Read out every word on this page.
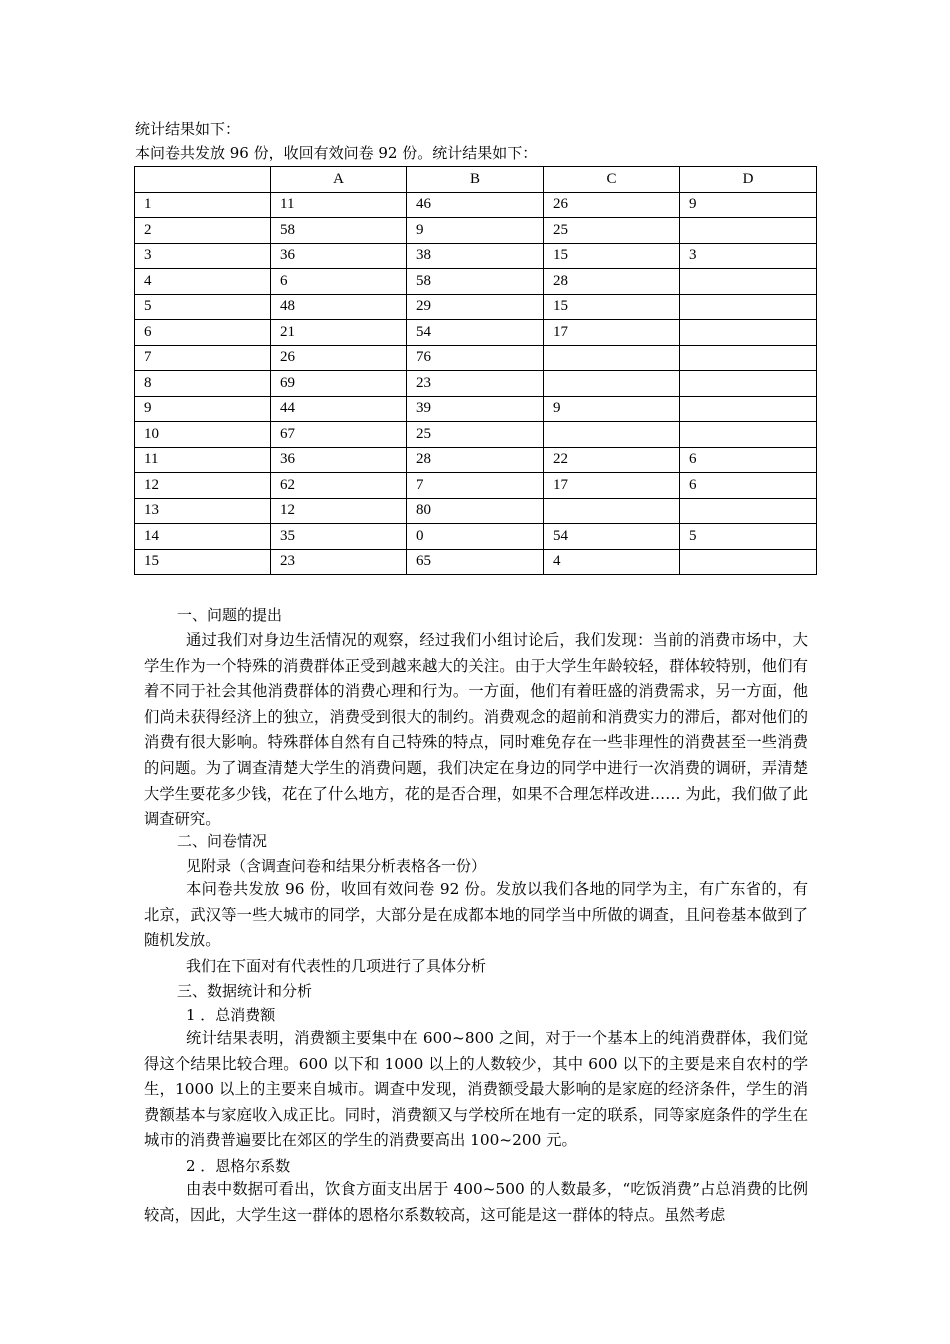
统计结果如下：
本问卷共发放 96 份，收回有效问卷 92 份。统计结果如下：
	A	B	C	D
1	11	46	26	9
2	58	9	25	
3	36	38	15	3
4	6	58	28	
5	48	29	15	
6	21	54	17	
7	26	76		
8	69	23		
9	44	39	9	
10	67	25		
11	36	28	22	6
12	62	7	17	6
13	12	80		
14	35	0	54	5
15	23	65	4	
一、问题的提出

通过我们对身边生活情况的观察，经过我们小组讨论后，我们发现：当前的消费市场中，大学生作为一个特殊的消费群体正受到越来越大的关注。由于大学生年龄较轻，群体较特别，他们有着不同于社会其他消费群体的消费心理和行为。一方面，他们有着旺盛的消费需求，另一方面，他们尚未获得经济上的独立，消费受到很大的制约。消费观念的超前和消费实力的滞后，都对他们的消费有很大影响。特殊群体自然有自己特殊的特点，同时难免存在一些非理性的消费甚至一些消费的问题。为了调查清楚大学生的消费问题，我们决定在身边的同学中进行一次消费的调研，弄清楚大学生要花多少钱，花在了什么地方，花的是否合理，如果不合理怎样改进…… 为此，我们做了此调查研究。

二、问卷情况
见附录（含调查问卷和结果分析表格各一份）

本问卷共发放 96 份，收回有效问卷 92 份。发放以我们各地的同学为主，有广东省的，有北京，武汉等一些大城市的同学，大部分是在成都本地的同学当中所做的调查，且问卷基本做到了随机发放。

我们在下面对有代表性的几项进行了具体分析
三、数据统计和分析
1 ．总消费额

统计结果表明，消费额主要集中在 600~800 之间，对于一个基本上的纯消费群体，我们觉得这个结果比较合理。600 以下和 1000 以上的人数较少，其中 600 以下的主要是来自农村的学生，1000 以上的主要来自城市。调查中发现，消费额受最大影响的是家庭的经济条件，学生的消费额基本与家庭收入成正比。同时，消费额又与学校所在地有一定的联系，同等家庭条件的学生在城市的消费普遍要比在郊区的学生的消费要高出 100~200 元。

2 ．恩格尔系数

由表中数据可看出，饮食方面支出居于 400~500 的人数最多，“吃饭消费”占总消费的比例较高，因此，大学生这一群体的恩格尔系数较高，这可能是这一群体的特点。虽然考虑
